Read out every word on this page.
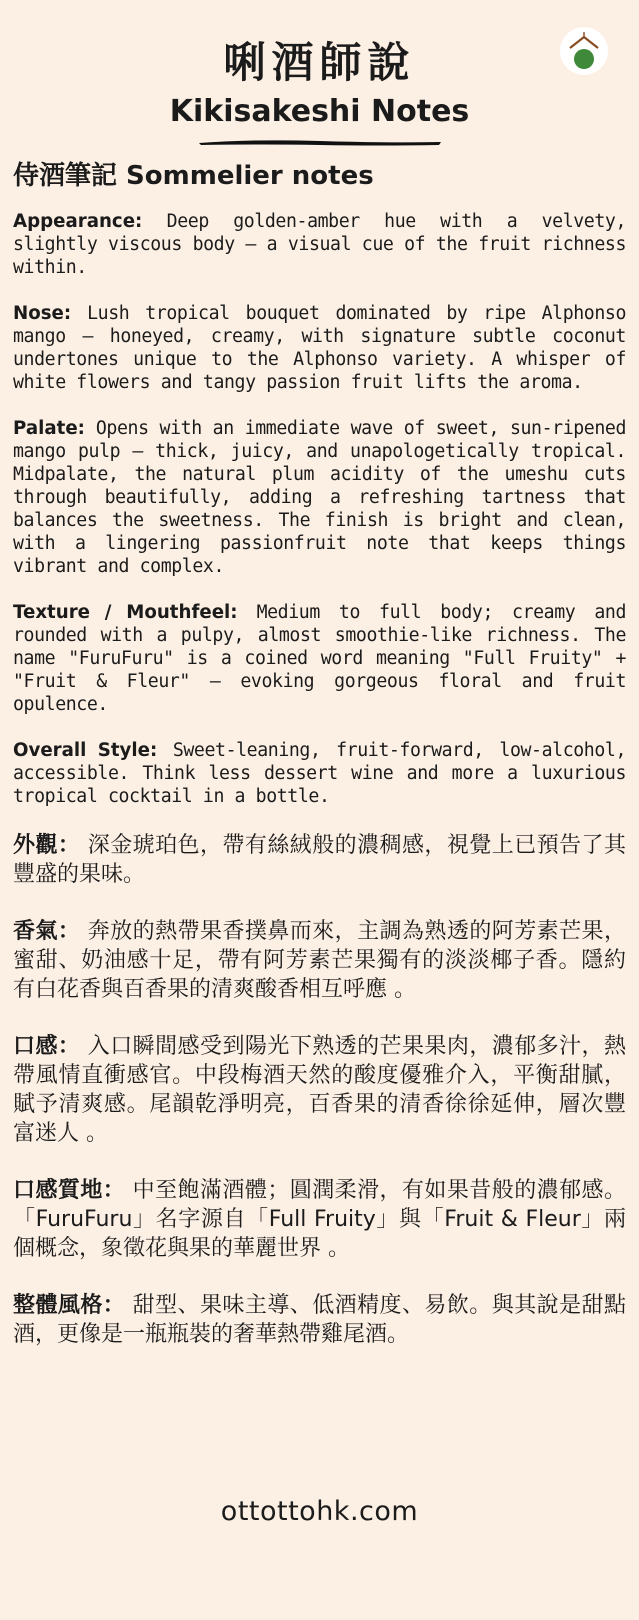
唎酒師說
Kikisakeshi Notes
侍酒筆記 Sommelier notes

Appearance: Deep golden-amber hue with a velvety, slightly viscous body — a visual cue of the fruit richness within.

Nose: Lush tropical bouquet dominated by ripe Alphonso mango — honeyed, creamy, with signature subtle coconut undertones unique to the Alphonso variety. A whisper of white flowers and tangy passion fruit lifts the aroma.

Palate: Opens with an immediate wave of sweet, sun-ripened mango pulp — thick, juicy, and unapologetically tropical. Midpalate, the natural plum acidity of the umeshu cuts through beautifully, adding a refreshing tartness that balances the sweetness. The finish is bright and clean, with a lingering passionfruit note that keeps things vibrant and complex.

Texture / Mouthfeel: Medium to full body; creamy and rounded with a pulpy, almost smoothie-like richness. The name "FuruFuru" is a coined word meaning "Full Fruity" + "Fruit & Fleur" — evoking gorgeous floral and fruit opulence.

Overall Style: Sweet-leaning, fruit-forward, low-alcohol, accessible. Think less dessert wine and more a luxurious tropical cocktail in a bottle.

外觀： 深金琥珀色，帶有絲絨般的濃稠感，視覺上已預告了其豐盛的果味。

香氣： 奔放的熱帶果香撲鼻而來，主調為熟透的阿芳素芒果，蜜甜、奶油感十足，帶有阿芳素芒果獨有的淡淡椰子香。隱約有白花香與百香果的清爽酸香相互呼應 。

口感： 入口瞬間感受到陽光下熟透的芒果果肉，濃郁多汁，熱帶風情直衝感官。中段梅酒天然的酸度優雅介入，平衡甜膩，賦予清爽感。尾韻乾淨明亮，百香果的清香徐徐延伸，層次豐富迷人 。

口感質地： 中至飽滿酒體；圓潤柔滑，有如果昔般的濃郁感。「FuruFuru」名字源自「Full Fruity」與「Fruit & Fleur」兩個概念，象徵花與果的華麗世界 。

整體風格： 甜型、果味主導、低酒精度、易飲。與其說是甜點酒，更像是一瓶瓶裝的奢華熱帶雞尾酒。

ottottohk.com
